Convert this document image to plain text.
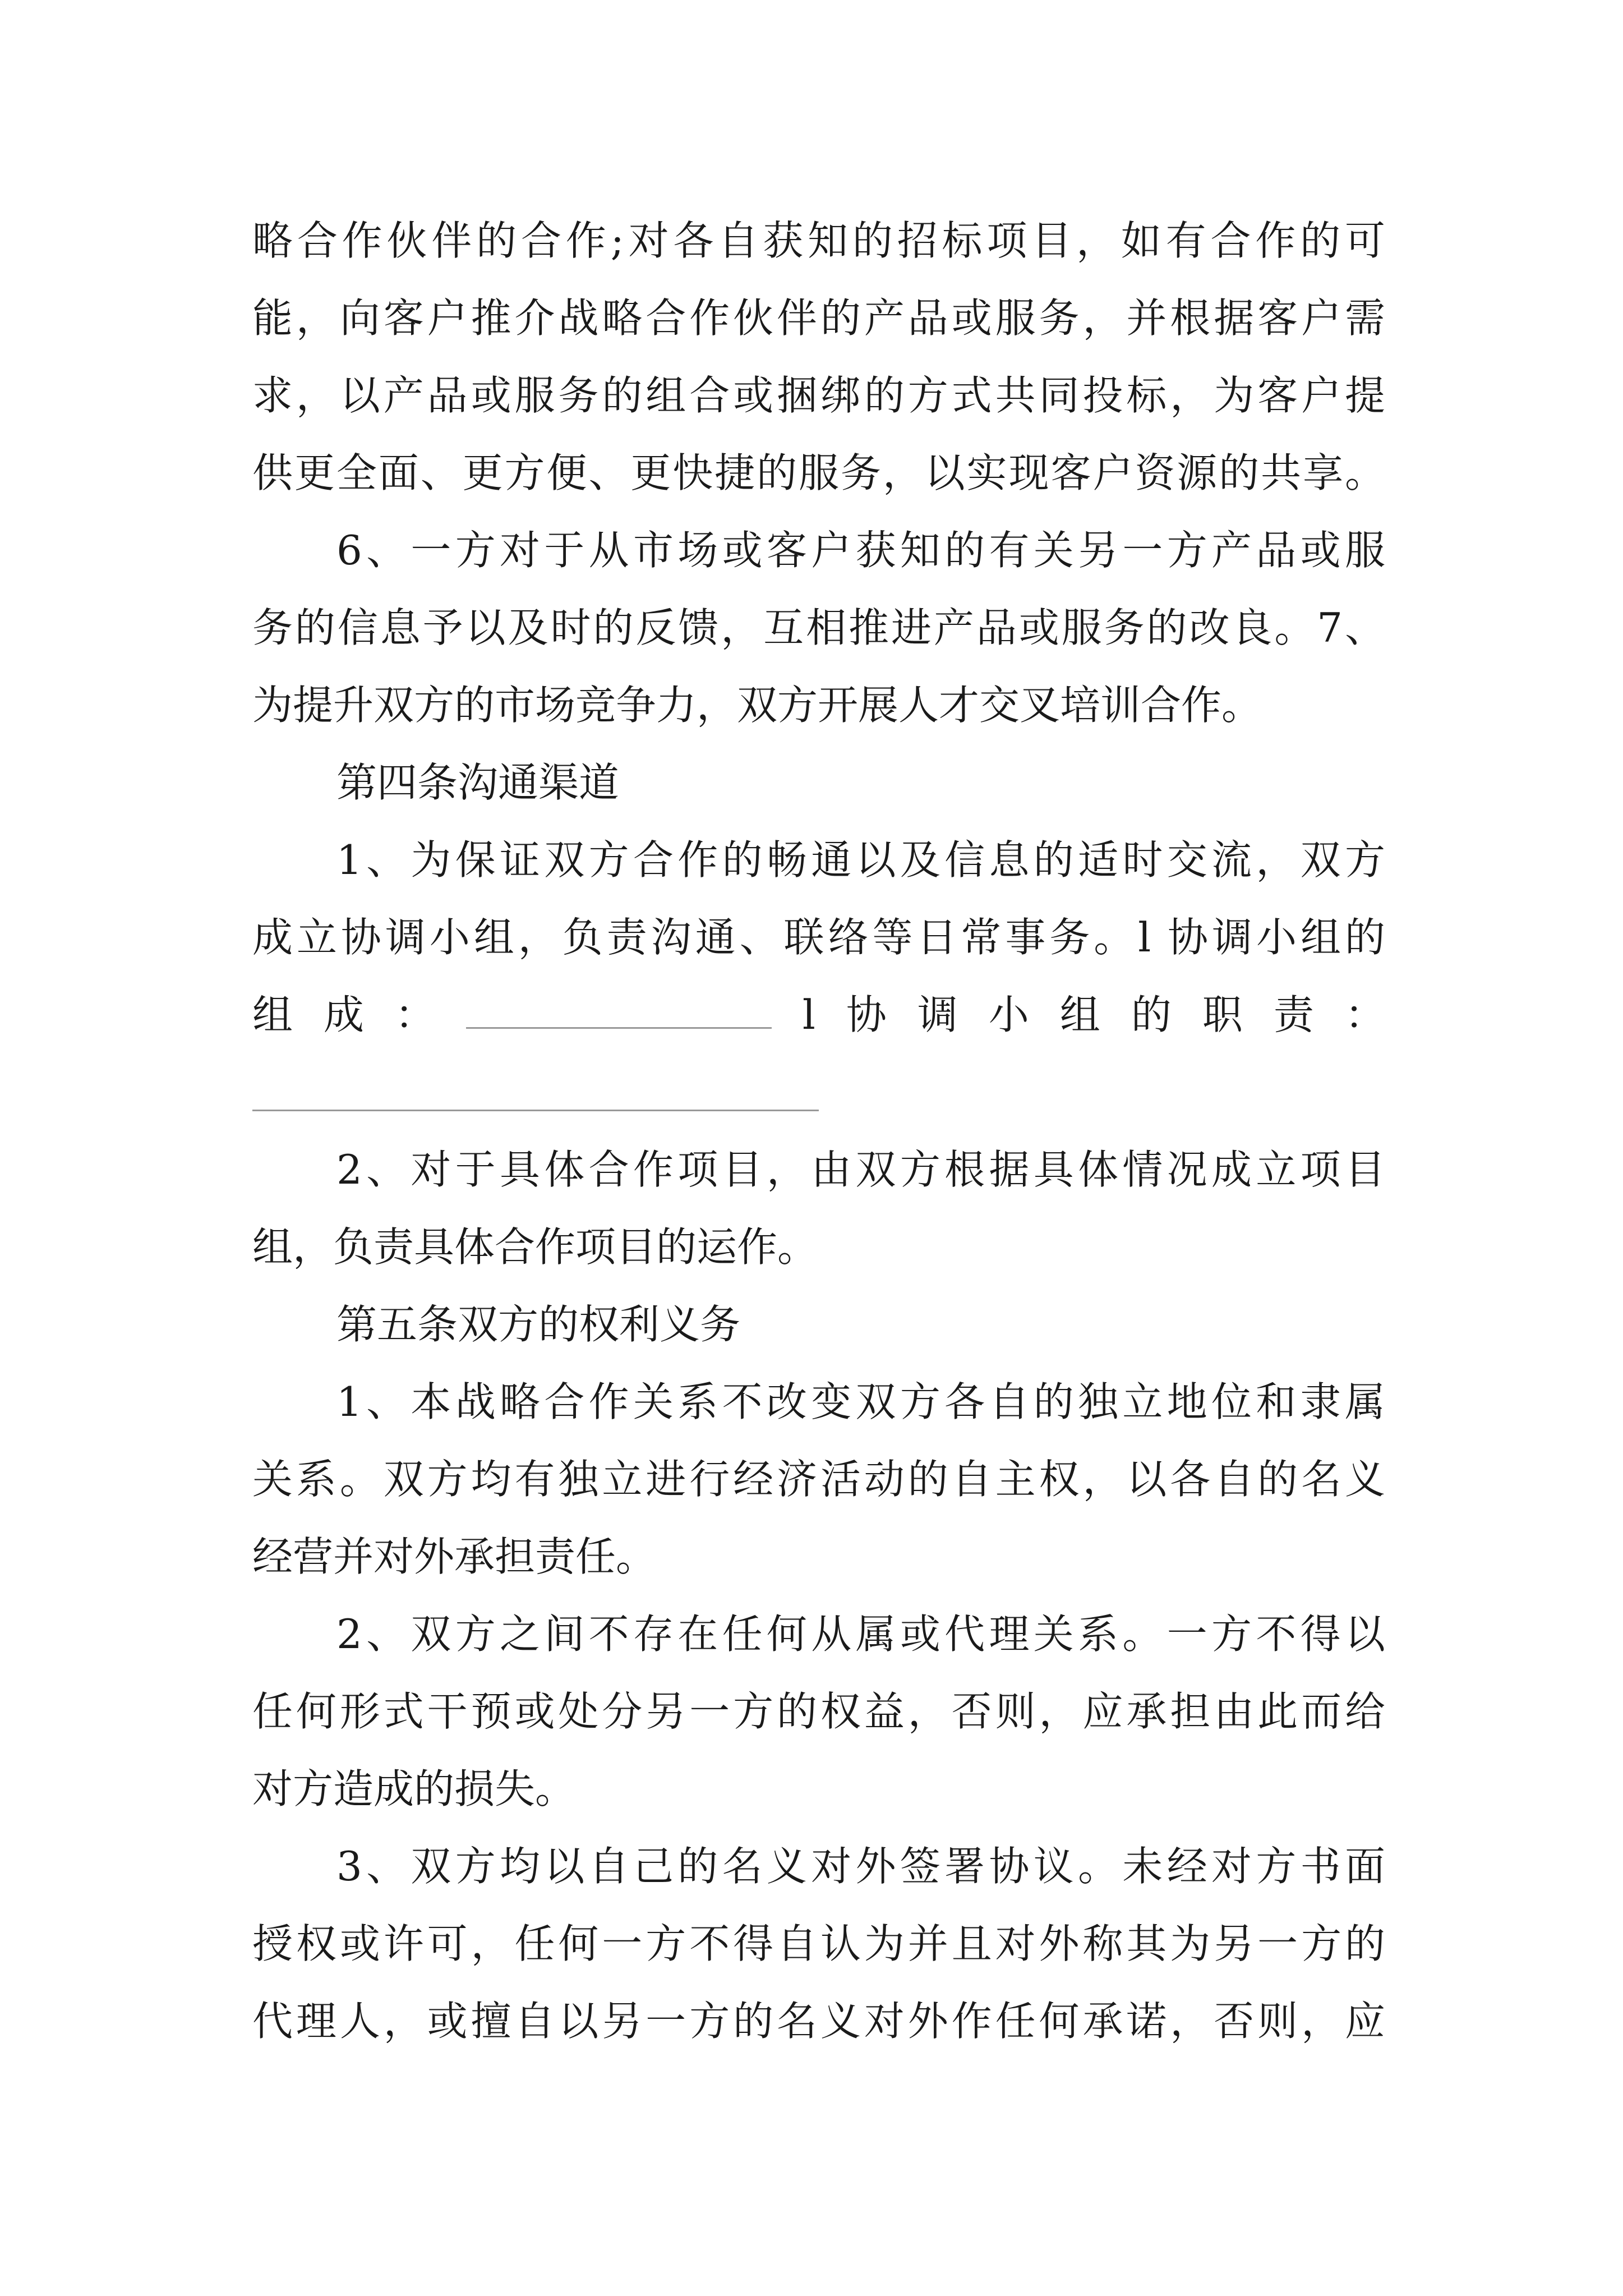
略合作伙伴的合作;对各自获知的招标项目，如有合作的可
能，向客户推介战略合作伙伴的产品或服务，并根据客户需
求，以产品或服务的组合或捆绑的方式共同投标，为客户提
供更全面、更方便、更快捷的服务，以实现客户资源的共享。
6、一方对于从市场或客户获知的有关另一方产品或服
务的信息予以及时的反馈，互相推进产品或服务的改良。7、
为提升双方的市场竞争力，双方开展人才交叉培训合作。
第四条沟通渠道
1、为保证双方合作的畅通以及信息的适时交流，双方
成立协调小组，负责沟通、联络等日常事务。l 协调小组的
组 成 ：	l 协 调 小 组 的 职 责 ：
2、对于具体合作项目，由双方根据具体情况成立项目
组，负责具体合作项目的运作。
第五条双方的权利义务
1、本战略合作关系不改变双方各自的独立地位和隶属
关系。双方均有独立进行经济活动的自主权，以各自的名义
经营并对外承担责任。
2、双方之间不存在任何从属或代理关系。一方不得以
任何形式干预或处分另一方的权益，否则，应承担由此而给
对方造成的损失。
3、双方均以自己的名义对外签署协议。未经对方书面
授权或许可，任何一方不得自认为并且对外称其为另一方的
代理人，或擅自以另一方的名义对外作任何承诺，否则，应
